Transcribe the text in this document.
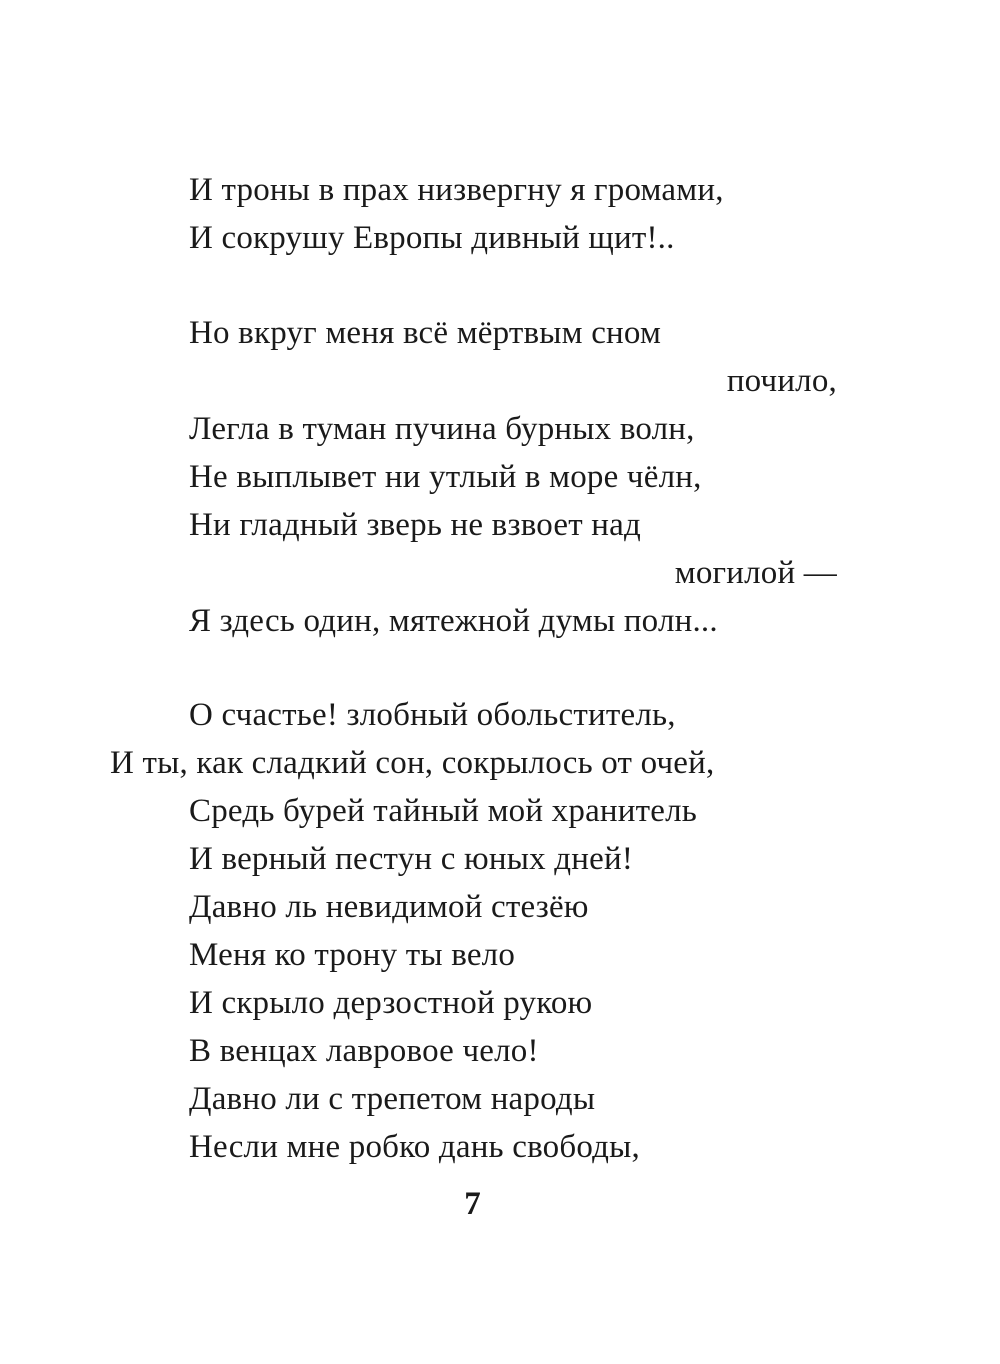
И троны в прах низвергну я громами,
И сокрушу Европы дивный щит!..
Но вкруг меня всё мёртвым сном
почило,
Легла в туман пучина бурных волн,
Не выплывет ни утлый в море чёлн,
Ни гладный зверь не взвоет над
могилой —
Я здесь один, мятежной думы полн...
О счастье! злобный обольститель,
И ты, как сладкий сон, сокрылось от очей,
Средь бурей тайный мой хранитель
И верный пестун с юных дней!
Давно ль невидимой стезёю
Меня ко трону ты вело
И скрыло дерзостной рукою
В венцах лавровое чело!
Давно ли с трепетом народы
Несли мне робко дань свободы,
7
